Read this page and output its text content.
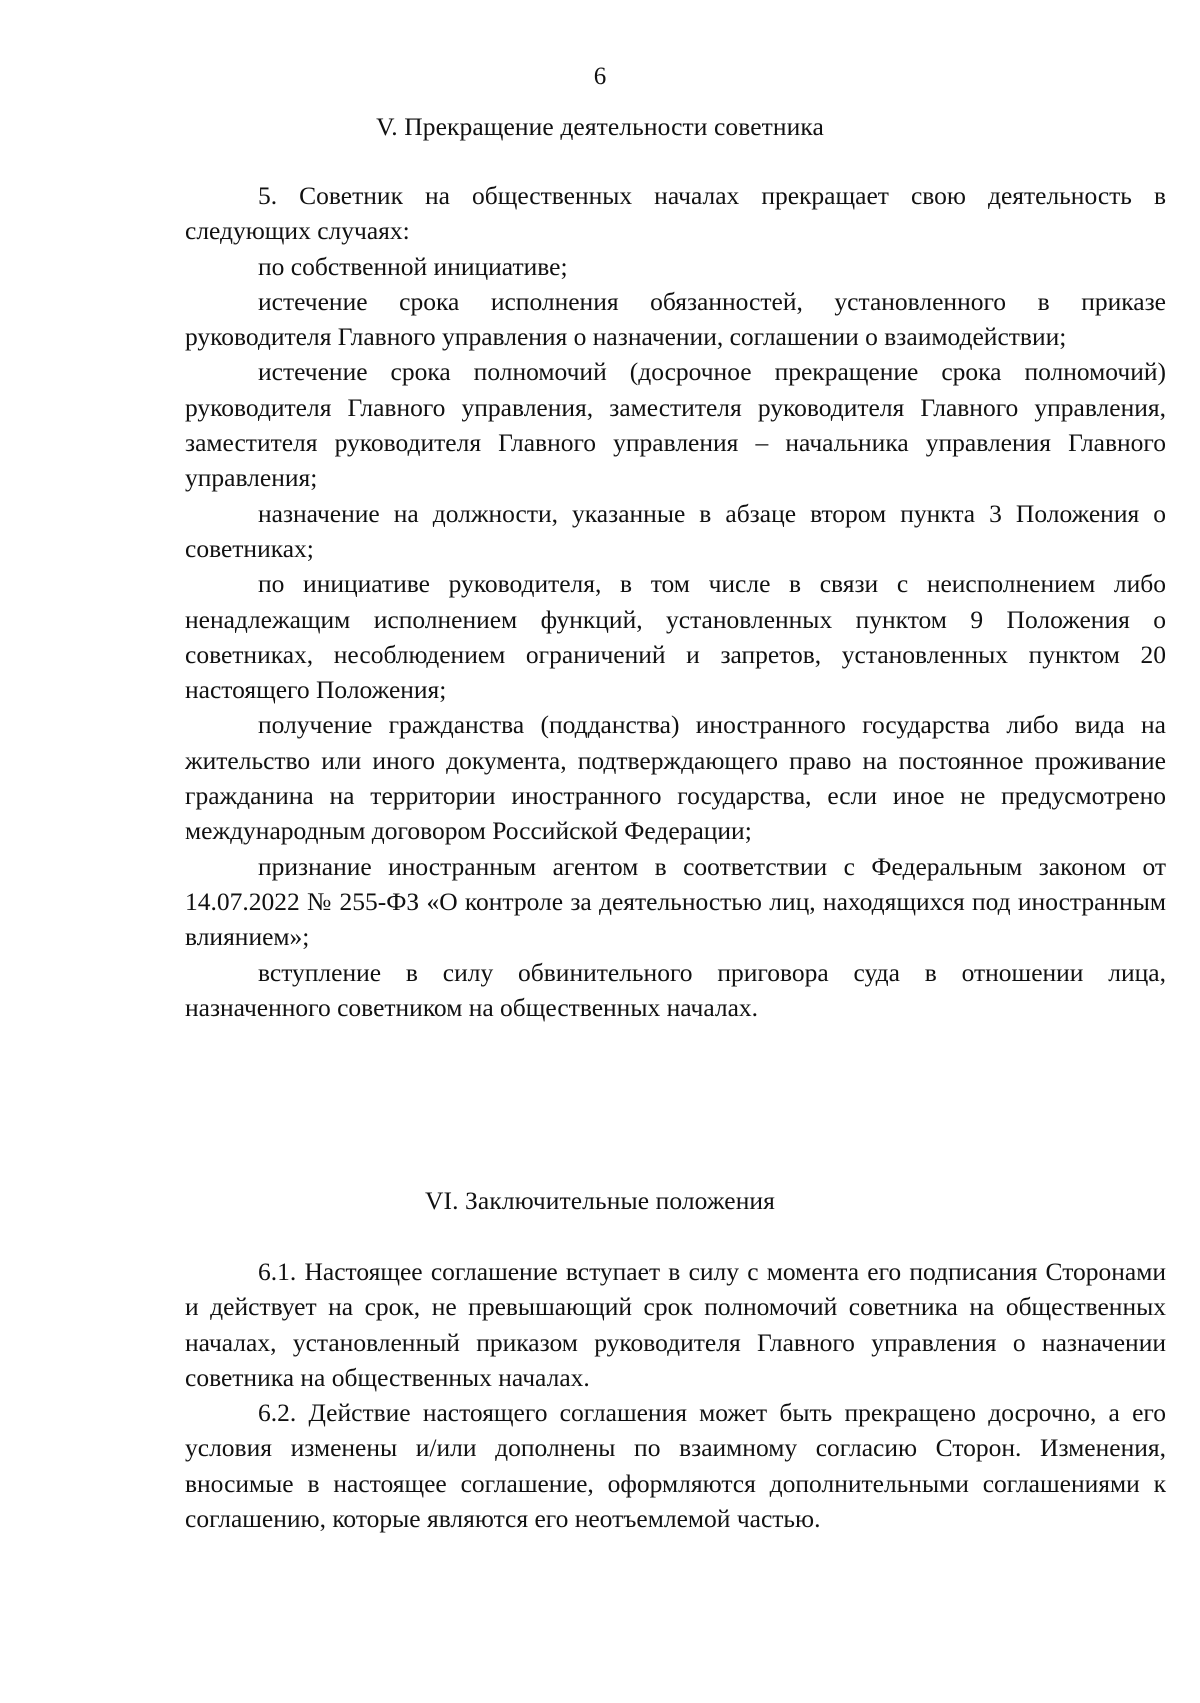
6
V. Прекращение деятельности советника

5. Советник на общественных началах прекращает свою деятельность в следующих случаях:

по собственной инициативе;

истечение срока исполнения обязанностей, установленного в приказе руководителя Главного управления о назначении, соглашении о взаимодействии;

истечение срока полномочий (досрочное прекращение срока полномочий) руководителя Главного управления, заместителя руководителя Главного управления, заместителя руководителя Главного управления – начальника управления Главного управления;

назначение на должности, указанные в абзаце втором пункта 3 Положения о советниках;

по инициативе руководителя, в том числе в связи с неисполнением либо ненадлежащим исполнением функций, установленных пунктом 9 Положения о советниках, несоблюдением ограничений и запретов, установленных пунктом 20 настоящего Положения;

получение гражданства (подданства) иностранного государства либо вида на жительство или иного документа, подтверждающего право на постоянное проживание гражданина на территории иностранного государства, если иное не предусмотрено международным договором Российской Федерации;

признание иностранным агентом в соответствии с Федеральным законом от 14.07.2022 № 255-ФЗ «О контроле за деятельностью лиц, находящихся под иностранным влиянием»;

вступление в силу обвинительного приговора суда в отношении лица, назначенного советником на общественных началах.

VI. Заключительные положения

6.1. Настоящее соглашение вступает в силу с момента его подписания Сторонами и действует на срок, не превышающий срок полномочий советника на общественных началах, установленный приказом руководителя Главного управления о назначении советника на общественных началах.

6.2. Действие настоящего соглашения может быть прекращено досрочно, а его условия изменены и/или дополнены по взаимному согласию Сторон. Изменения, вносимые в настоящее соглашение, оформляются дополнительными соглашениями к соглашению, которые являются его неотъемлемой частью.
